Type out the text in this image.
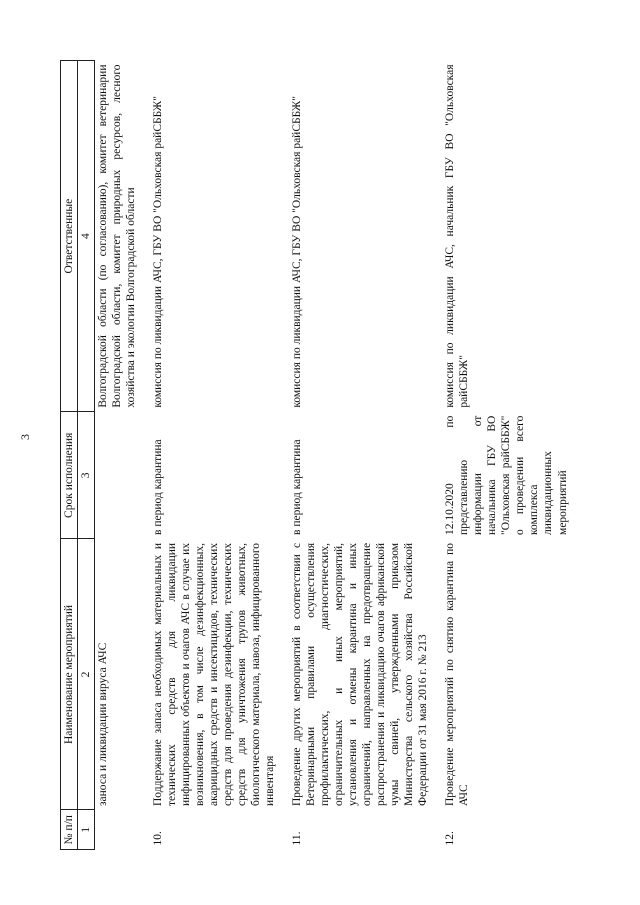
3
№ п/п	Наименование мероприятий	Срок исполнения	Ответственные
1	2	3	4
	заноса и ликвидации вируса АЧС		Волгоградской области (по согласованию), комитет ветеринарии Волгоградской области, комитет природных ресурсов, лесного хозяйства и экологии Волгоградской области
10.	Поддержание запаса необходимых материальных и технических средств для ликвидации инфицированных объектов и очагов АЧС в случае их возникновения, в том числе дезинфекционных, акарицидных средств и инсектицидов, технических средств для проведения дезинфекции, технических средств для уничтожения трупов животных, биологического материала, навоза, инфицированного инвентаря	в период карантина	комиссия по ликвидации АЧС, ГБУ ВО "Ольховская райСББЖ"
11.	Проведение других мероприятий в соответствии с Ветеринарными правилами осуществления профилактических, диагностических, ограничительных и иных мероприятий, установления и отмены карантина и иных ограничений, направленных на предотвращение распространения и ликвидацию очагов африканской чумы свиней, утвержденными приказом Министерства сельского хозяйства Российской Федерации от 31 мая 2016 г. № 213	в период карантина	комиссия по ликвидации АЧС, ГБУ ВО "Ольховская райСББЖ"
12.	Проведение мероприятий по снятию карантина по АЧС	12.10.2020 по представлению информации от начальника ГБУ ВО "Ольховская райСББЖ" о проведении всего комплекса ликвидационных мероприятий	комиссия по ликвидации АЧС, начальник ГБУ ВО "Ольховская райСББЖ"
